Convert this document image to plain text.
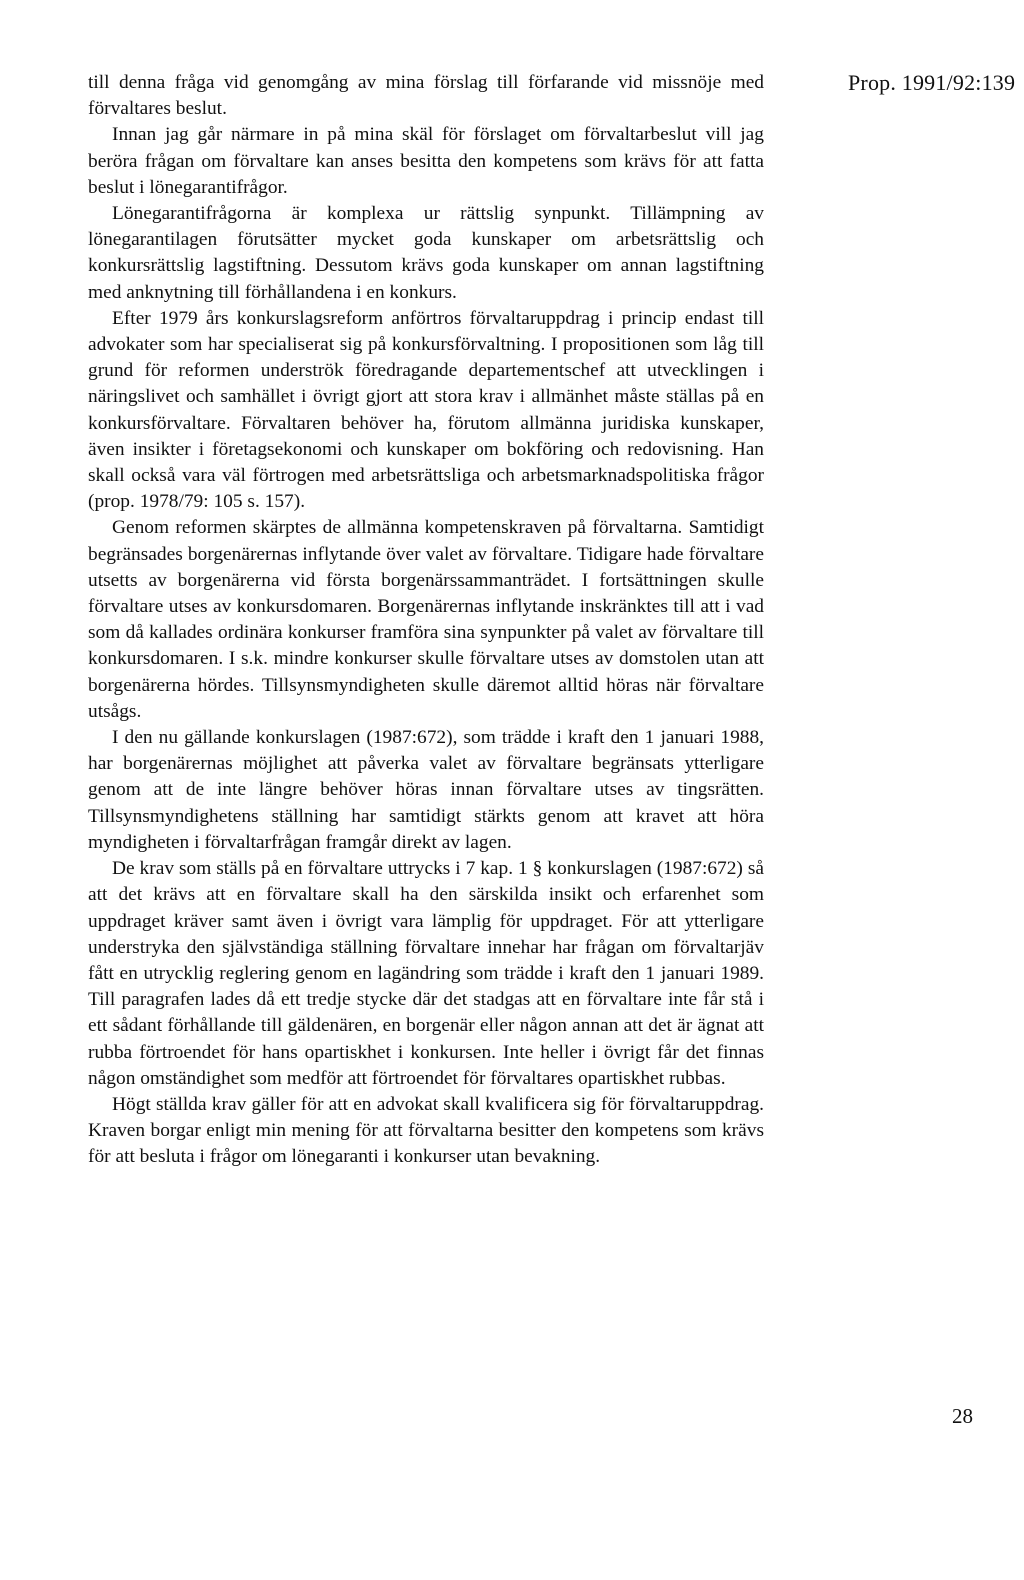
Prop. 1991/92:139

till denna fråga vid genomgång av mina förslag till förfarande vid missnöje med förvaltares beslut.

Innan jag går närmare in på mina skäl för förslaget om förvaltarbeslut vill jag beröra frågan om förvaltare kan anses besitta den kompetens som krävs för att fatta beslut i lönegarantifrågor.

Lönegarantifrågorna är komplexa ur rättslig synpunkt. Tillämpning av lönegarantilagen förutsätter mycket goda kunskaper om arbetsrättslig och konkursrättslig lagstiftning. Dessutom krävs goda kunskaper om annan lagstiftning med anknytning till förhållandena i en konkurs.

Efter 1979 års konkurslagsreform anförtros förvaltaruppdrag i princip endast till advokater som har specialiserat sig på konkursförvaltning. I propositionen som låg till grund för reformen underströk föredragande departementschef att utvecklingen i näringslivet och samhället i övrigt gjort att stora krav i allmänhet måste ställas på en konkursförvaltare. Förvaltaren behöver ha, förutom allmänna juridiska kunskaper, även insikter i företagsekonomi och kunskaper om bokföring och redovisning. Han skall också vara väl förtrogen med arbetsrättsliga och arbetsmarknadspolitiska frågor (prop. 1978/79: 105 s. 157).

Genom reformen skärptes de allmänna kompetenskraven på förvaltarna. Samtidigt begränsades borgenärernas inflytande över valet av förvaltare. Tidigare hade förvaltare utsetts av borgenärerna vid första borgenärssammanträdet. I fortsättningen skulle förvaltare utses av konkursdomaren. Borgenärernas inflytande inskränktes till att i vad som då kallades ordinära konkurser framföra sina synpunkter på valet av förvaltare till konkursdomaren. I s.k. mindre konkurser skulle förvaltare utses av domstolen utan att borgenärerna hördes. Tillsynsmyndigheten skulle däremot alltid höras när förvaltare utsågs.

I den nu gällande konkurslagen (1987:672), som trädde i kraft den 1 januari 1988, har borgenärernas möjlighet att påverka valet av förvaltare begränsats ytterligare genom att de inte längre behöver höras innan förvaltare utses av tingsrätten. Tillsynsmyndighetens ställning har samtidigt stärkts genom att kravet att höra myndigheten i förvaltarfrågan framgår direkt av lagen.

De krav som ställs på en förvaltare uttrycks i 7 kap. 1 § konkurslagen (1987:672) så att det krävs att en förvaltare skall ha den särskilda insikt och erfarenhet som uppdraget kräver samt även i övrigt vara lämplig för uppdraget. För att ytterligare understryka den självständiga ställning förvaltare innehar har frågan om förvaltarjäv fått en utrycklig reglering genom en lagändring som trädde i kraft den 1 januari 1989. Till paragrafen lades då ett tredje stycke där det stadgas att en förvaltare inte får stå i ett sådant förhållande till gäldenären, en borgenär eller någon annan att det är ägnat att rubba förtroendet för hans opartiskhet i konkursen. Inte heller i övrigt får det finnas någon omständighet som medför att förtroendet för förvaltares opartiskhet rubbas.

Högt ställda krav gäller för att en advokat skall kvalificera sig för förvaltaruppdrag. Kraven borgar enligt min mening för att förvaltarna besitter den kompetens som krävs för att besluta i frågor om lönegaranti i konkurser utan bevakning.

28
